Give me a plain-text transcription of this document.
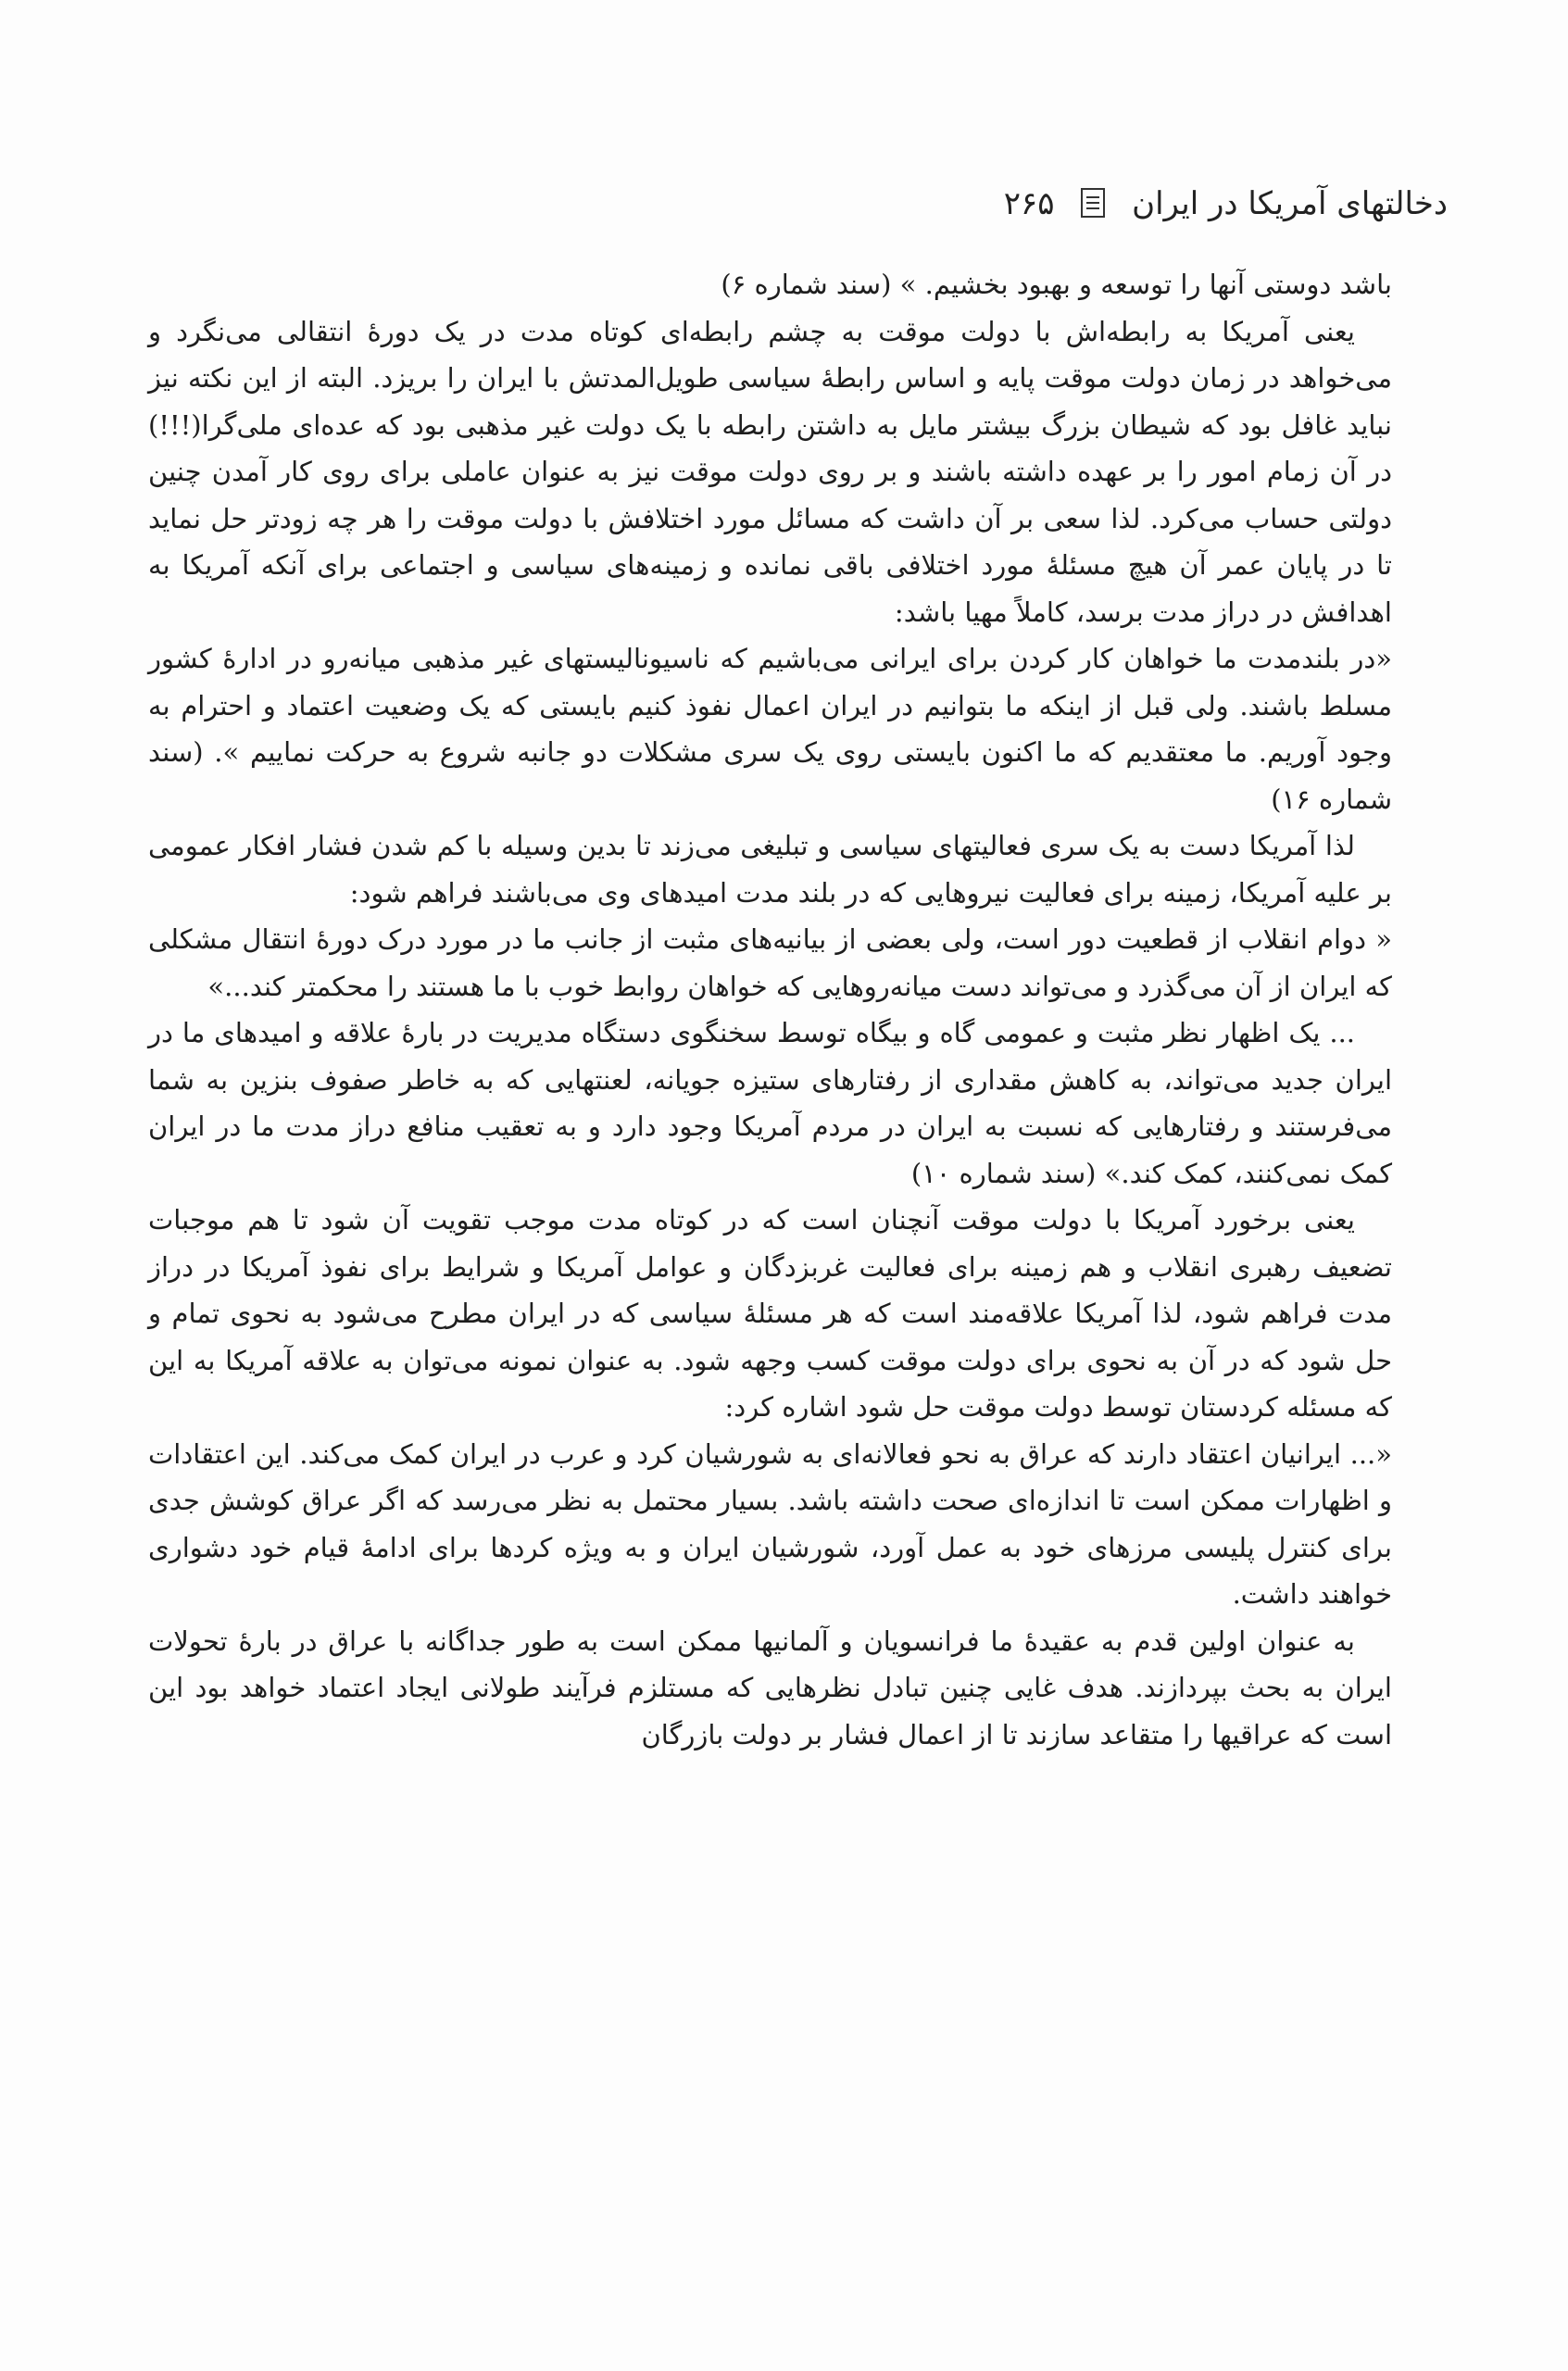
دخالتهای آمریکا در ایران  ۲۶۵

باشد دوستی آنها را توسعه و بهبود بخشیم. » (سند شماره ۶)

یعنی آمریکا به رابطه‌اش با دولت موقت به چشم رابطه‌ای کوتاه مدت در یک دورهٔ انتقالی می‌نگرد و می‌خواهد در زمان دولت موقت پایه و اساس رابطهٔ سیاسی طویل‌المدتش با ایران را بریزد. البته از این نکته نیز نباید غافل بود که شیطان بزرگ بیشتر مایل به داشتن رابطه با یک دولت غیر مذهبی بود که عده‌ای ملی‌گرا(!!!) در آن زمام امور را بر عهده داشته باشند و بر روی دولت موقت نیز به عنوان عاملی برای روی کار آمدن چنین دولتی حساب می‌کرد. لذا سعی بر آن داشت که مسائل مورد اختلافش با دولت موقت را هر چه زودتر حل نماید تا در پایان عمر آن هیچ مسئلهٔ مورد اختلافی باقی نمانده و زمینه‌های سیاسی و اجتماعی برای آنکه آمریکا به اهدافش در دراز مدت برسد، کاملاً مهیا باشد:

«در بلندمدت ما خواهان کار کردن برای ایرانی می‌باشیم که ناسیونالیستهای غیر مذهبی میانه‌رو در ادارهٔ کشور مسلط باشند. ولی قبل از اینکه ما بتوانیم در ایران اعمال نفوذ کنیم بایستی که یک وضعیت اعتماد و احترام به وجود آوریم. ما معتقدیم که ما اکنون بایستی روی یک سری مشکلات دو جانبه شروع به حرکت نماییم ». (سند شماره ۱۶)

لذا آمریکا دست به یک سری فعالیتهای سیاسی و تبلیغی می‌زند تا بدین وسیله با کم شدن فشار افکار عمومی بر علیه آمریکا، زمینه برای فعالیت نیروهایی که در بلند مدت امیدهای وی می‌باشند فراهم شود:

« دوام انقلاب از قطعیت دور است، ولی بعضی از بیانیه‌های مثبت از جانب ما در مورد درک دورهٔ انتقال مشکلی که ایران از آن می‌گذرد و می‌تواند دست میانه‌روهایی که خواهان روابط خوب با ما هستند را محکمتر کند...»

... یک اظهار نظر مثبت و عمومی گاه و بیگاه توسط سخنگوی دستگاه مدیریت در بارهٔ علاقه و امیدهای ما در ایران جدید می‌تواند، به کاهش مقداری از رفتارهای ستیزه جویانه، لعنتهایی که به خاطر صفوف بنزین به شما می‌فرستند و رفتارهایی که نسبت به ایران در مردم آمریکا وجود دارد و به تعقیب منافع دراز مدت ما در ایران کمک نمی‌کنند، کمک کند.» (سند شماره ۱۰)

یعنی برخورد آمریکا با دولت موقت آنچنان است که در کوتاه مدت موجب تقویت آن شود تا هم موجبات تضعیف رهبری انقلاب و هم زمینه برای فعالیت غربزدگان و عوامل آمریکا و شرایط برای نفوذ آمریکا در دراز مدت فراهم شود، لذا آمریکا علاقه‌مند است که هر مسئلهٔ سیاسی که در ایران مطرح می‌شود به نحوی تمام و حل شود که در آن به نحوی برای دولت موقت کسب وجهه شود. به عنوان نمونه می‌توان به علاقه آمریکا به این که مسئله کردستان توسط دولت موقت حل شود اشاره کرد:

«... ایرانیان اعتقاد دارند که عراق به نحو فعالانه‌ای به شورشیان کرد و عرب در ایران کمک می‌کند. این اعتقادات و اظهارات ممکن است تا اندازه‌ای صحت داشته باشد. بسیار محتمل به نظر می‌رسد که اگر عراق کوشش جدی برای کنترل پلیسی مرزهای خود به عمل آورد، شورشیان ایران و به ویژه کردها برای ادامهٔ قیام خود دشواری خواهند داشت.

به عنوان اولین قدم به عقیدهٔ ما فرانسویان و آلمانیها ممکن است به طور جداگانه با عراق در بارهٔ تحولات ایران به بحث بپردازند. هدف غایی چنین تبادل نظرهایی که مستلزم فرآیند طولانی ایجاد اعتماد خواهد بود این است که عراقیها را متقاعد سازند تا از اعمال فشار بر دولت بازرگان
